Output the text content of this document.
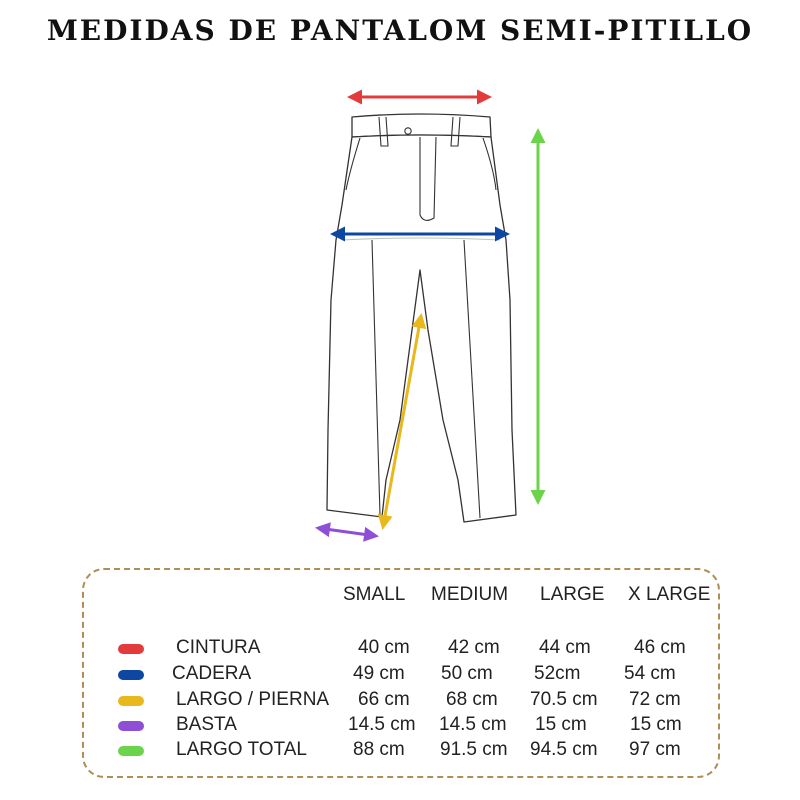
MEDIDAS DE PANTALOM SEMI-PITILLO
SMALL MEDIUM LARGE X LARGE
CINTURA	40 cm 42 cm 44 cm 46 cm
CADERA	49 cm 50 cm 52cm 54 cm
LARGO / PIERNA 66 cm 68 cm 70.5 cm 72 cm
BASTA	14.5 cm 14.5 cm 15 cm 15 cm
LARGO TOTAL 88 cm 91.5 cm 94.5 cm 97 cm
